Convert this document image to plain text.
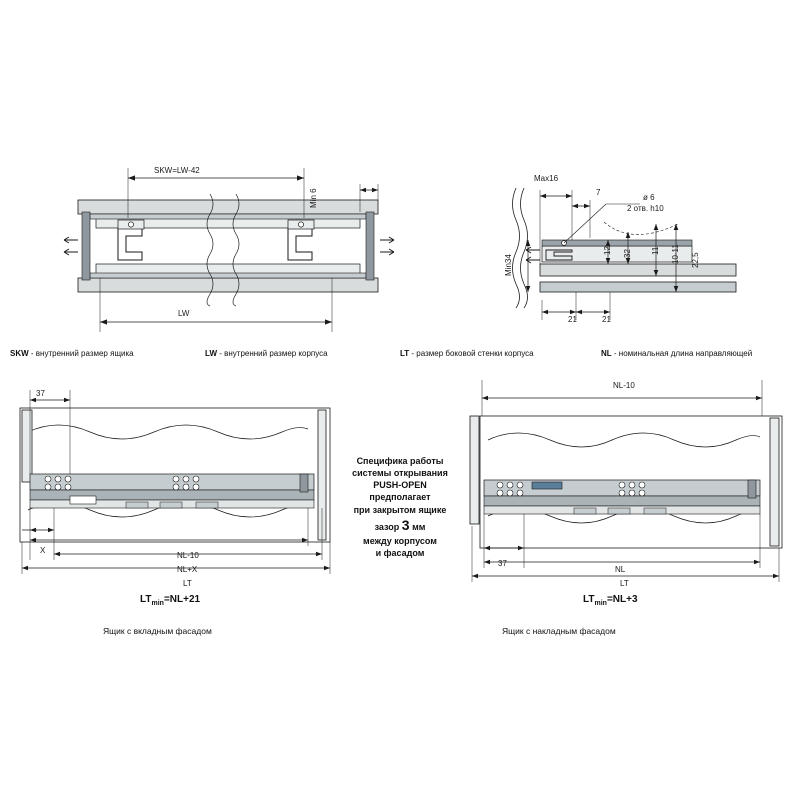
SKW=LW-42
LW
Min 6
Max16
7
ø 6
2 отв. h10
12 32 11 10-11 22,5
Min34
21	21
SKW - внутренний размер ящика	LW - внутренний размер корпуса	LT - размер боковой стенки корпуса	NL - номинальная длина направляющей
37
X
NL-10
NL+X
LT
$LT_{min}=NL+21$
Ящик с вкладным фасадом
Специфика работы
системы открывания
PUSH-OPEN
предполагает
при закрытом ящике
зазор 3 мм
между корпусом
и фасадом
NL-10
37
NL
LT
$LT_{min}=NL+3$
Ящик с накладным фасадом
